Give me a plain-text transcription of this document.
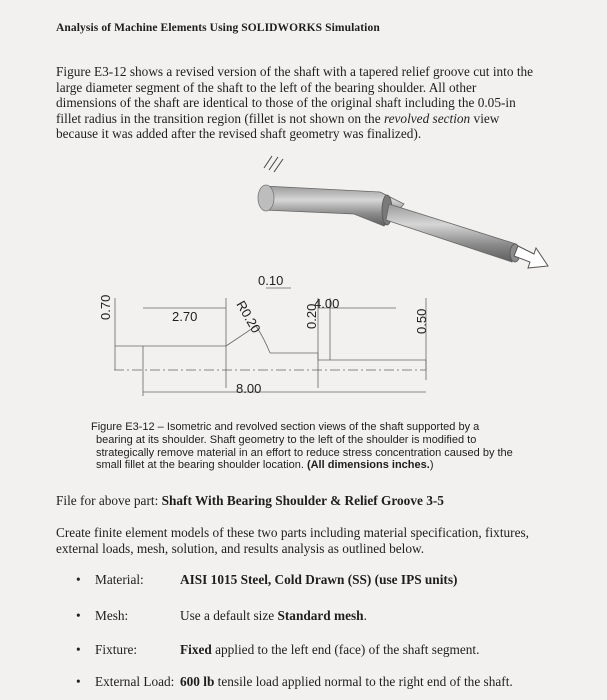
Analysis of Machine Elements Using SOLIDWORKS Simulation
Figure E3-12 shows a revised version of the shaft with a tapered relief groove cut into the
large diameter segment of the shaft to the left of the bearing shoulder. All other
dimensions of the shaft are identical to those of the original shaft including the 0.05-in
fillet radius in the transition region (fillet is not shown on the revolved section view
because it was added after the revised shaft geometry was finalized).
2.70
0.10
4.00
8.00
0.70	0.20	0.50
R0.20
Figure E3-12 – Isometric and revolved section views of the shaft supported by a
bearing at its shoulder. Shaft geometry to the left of the shoulder is modified to
strategically remove material in an effort to reduce stress concentration caused by the
small fillet at the bearing shoulder location. (All dimensions inches.)
File for above part: Shaft With Bearing Shoulder & Relief Groove 3-5
Create finite element models of these two parts including material specification, fixtures,
external loads, mesh, solution, and results analysis as outlined below.
• Material:	AISI 1015 Steel, Cold Drawn (SS) (use IPS units)
• Mesh:	Use a default size Standard mesh.
• Fixture:	Fixed applied to the left end (face) of the shaft segment.
• External Load: 600 lb tensile load applied normal to the right end of the shaft.
